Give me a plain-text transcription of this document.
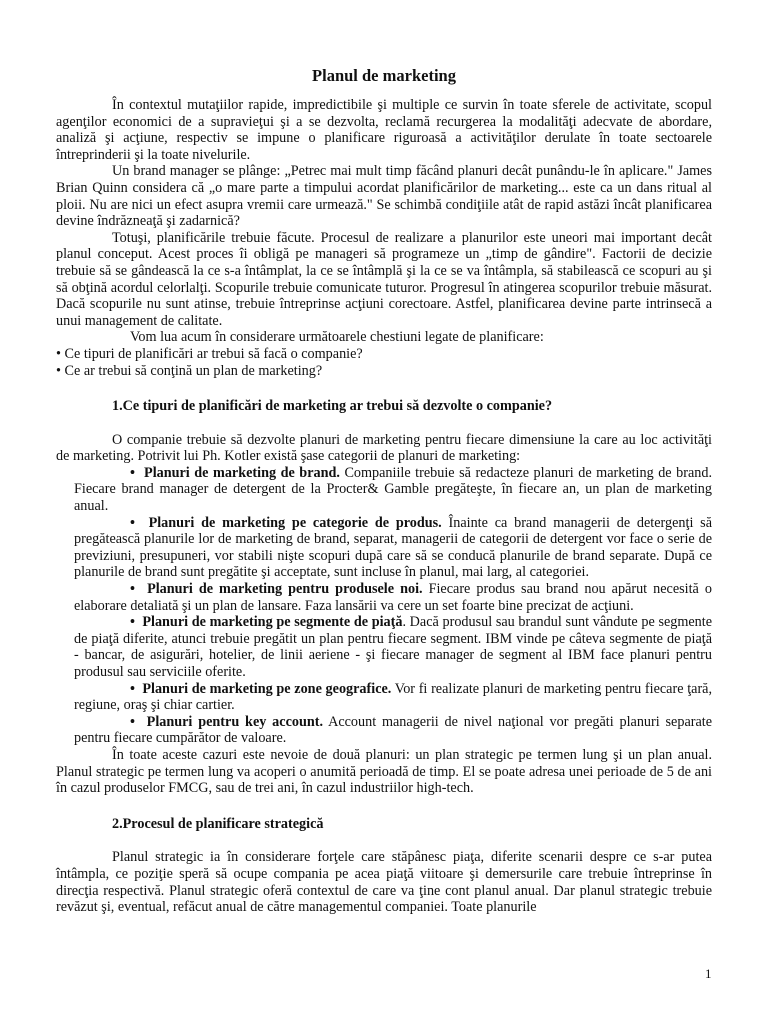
Planul de marketing

În contextul mutaţiilor rapide, impredictibile şi multiple ce survin în toate sferele de activitate, scopul agenţilor economici de a supravieţui şi a se dezvolta, reclamă recurgerea la modalităţi adecvate de abordare, analiză şi acţiune, respectiv se impune o planificare riguroasă a activităţilor derulate în toate sectoarele întreprinderii şi la toate nivelurile.

Un brand manager se plânge: „Petrec mai mult timp făcând planuri decât punându-le în aplicare." James Brian Quinn considera că „o mare parte a timpului acordat planificărilor de marketing... este ca un dans ritual al ploii. Nu are nici un efect asupra vremii care urmează." Se schimbă condiţiile atât de rapid astăzi încât planificarea devine îndrăzneaţă şi zadarnică?

Totuşi, planificările trebuie făcute. Procesul de realizare a planurilor este uneori mai important decât planul conceput. Acest proces îi obligă pe manageri să programeze un „timp de gândire". Factorii de decizie trebuie să se gândească la ce s-a întâmplat, la ce se întâmplă şi la ce se va întâmpla, să stabilească ce scopuri au şi să obţină acordul celorlalţi. Scopurile trebuie comunicate tuturor. Progresul în atingerea scopurilor trebuie măsurat. Dacă scopurile nu sunt atinse, trebuie întreprinse acţiuni corectoare. Astfel, planificarea devine parte intrinsecă a unui management de calitate.

Vom lua acum în considerare următoarele chestiuni legate de planificare:

• Ce tipuri de planificări ar trebui să facă o companie?

• Ce ar trebui să conţină un plan de marketing?

1.Ce tipuri de planificări de marketing ar trebui să dezvolte o companie?

O companie trebuie să dezvolte planuri de marketing pentru fiecare dimensiune la care au loc activităţi de marketing. Potrivit lui Ph. Kotler există şase categorii de planuri de marketing:

• Planuri de marketing de brand. Companiile trebuie să redacteze planuri de marketing de brand. Fiecare brand manager de detergent de la Procter& Gamble pregăteşte, în fiecare an, un plan de marketing anual.

• Planuri de marketing pe categorie de produs. Înainte ca brand managerii de detergenţi să pregătească planurile lor de marketing de brand, separat, managerii de categorii de detergent vor face o serie de previziuni, presupuneri, vor stabili nişte scopuri după care să se conducă planurile de brand separate. După ce planurile de brand sunt pregătite şi acceptate, sunt incluse în planul, mai larg, al categoriei.

• Planuri de marketing pentru produsele noi. Fiecare produs sau brand nou apărut necesită o elaborare detaliată şi un plan de lansare. Faza lansării va cere un set foarte bine precizat de acţiuni.

• Planuri de marketing pe segmente de piaţă. Dacă produsul sau brandul sunt vândute pe segmente de piaţă diferite, atunci trebuie pregătit un plan pentru fiecare segment. IBM vinde pe câteva segmente de piaţă - bancar, de asigurări, hotelier, de linii aeriene - şi fiecare manager de segment al IBM face planuri pentru produsul sau serviciile oferite.

• Planuri de marketing pe zone geografice. Vor fi realizate planuri de marketing pentru fiecare ţară, regiune, oraş şi chiar cartier.

• Planuri pentru key account. Account managerii de nivel naţional vor pregăti planuri separate pentru fiecare cumpărător de valoare.

În toate aceste cazuri este nevoie de două planuri: un plan strategic pe termen lung şi un plan anual. Planul strategic pe termen lung va acoperi o anumită perioadă de timp. El se poate adresa unei perioade de 5 de ani în cazul produselor FMCG, sau de trei ani, în cazul industriilor high-tech.

2.Procesul de planificare strategică

Planul strategic ia în considerare forţele care stăpânesc piaţa, diferite scenarii despre ce s-ar putea întâmpla, ce poziţie speră să ocupe compania pe acea piaţă viitoare şi demersurile care trebuie întreprinse în direcţia respectivă. Planul strategic oferă contextul de care va ţine cont planul anual. Dar planul strategic trebuie revăzut şi, eventual, refăcut anual de către managementul companiei. Toate planurile

1
